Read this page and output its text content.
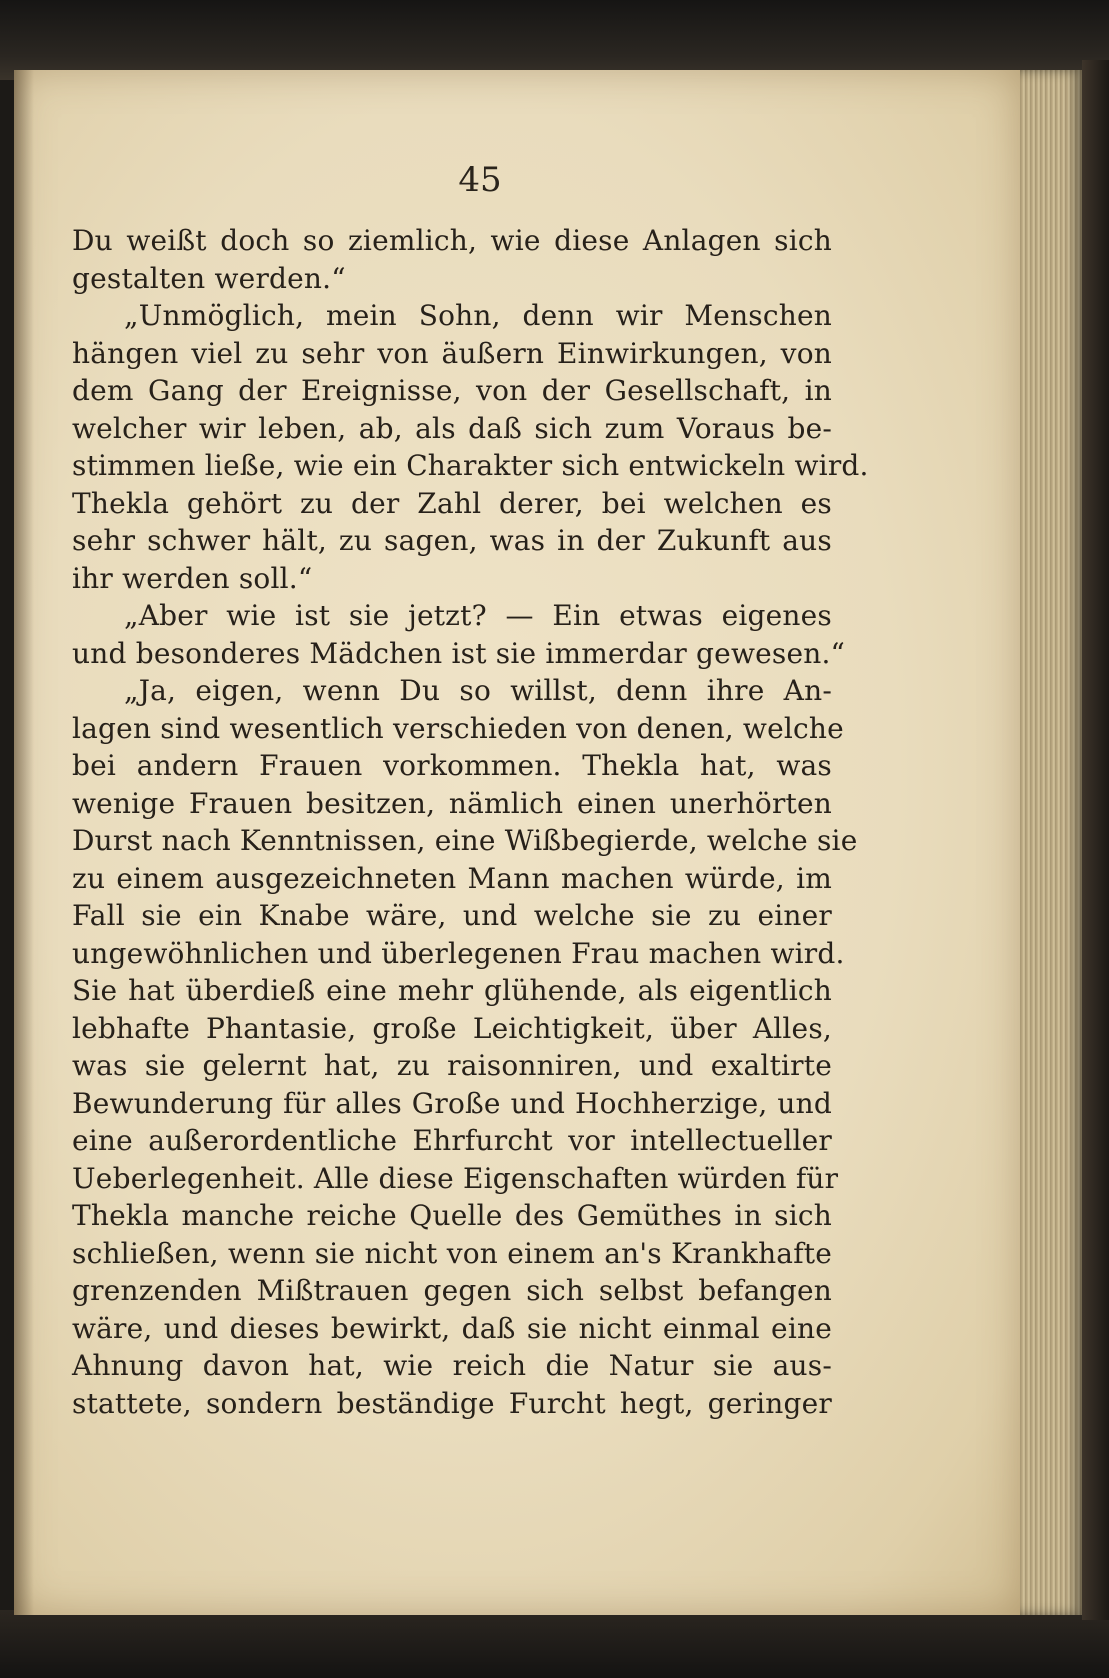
45
Du weißt doch so ziemlich, wie diese Anlagen sich
gestalten werden.“
„Unmöglich, mein Sohn, denn wir Menschen
hängen viel zu sehr von äußern Einwirkungen, von
dem Gang der Ereignisse, von der Gesellschaft, in
welcher wir leben, ab, als daß sich zum Voraus be-
stimmen ließe, wie ein Charakter sich entwickeln wird.
Thekla gehört zu der Zahl derer, bei welchen es
sehr schwer hält, zu sagen, was in der Zukunft aus
ihr werden soll.“
„Aber wie ist sie jetzt? — Ein etwas eigenes
und besonderes Mädchen ist sie immerdar gewesen.“
„Ja, eigen, wenn Du so willst, denn ihre An-
lagen sind wesentlich verschieden von denen, welche
bei andern Frauen vorkommen. Thekla hat, was
wenige Frauen besitzen, nämlich einen unerhörten
Durst nach Kenntnissen, eine Wißbegierde, welche sie
zu einem ausgezeichneten Mann machen würde, im
Fall sie ein Knabe wäre, und welche sie zu einer
ungewöhnlichen und überlegenen Frau machen wird.
Sie hat überdieß eine mehr glühende, als eigentlich
lebhafte Phantasie, große Leichtigkeit, über Alles,
was sie gelernt hat, zu raisonniren, und exaltirte
Bewunderung für alles Große und Hochherzige, und
eine außerordentliche Ehrfurcht vor intellectueller
Ueberlegenheit. Alle diese Eigenschaften würden für
Thekla manche reiche Quelle des Gemüthes in sich
schließen, wenn sie nicht von einem an's Krankhafte
grenzenden Mißtrauen gegen sich selbst befangen
wäre, und dieses bewirkt, daß sie nicht einmal eine
Ahnung davon hat, wie reich die Natur sie aus-
stattete, sondern beständige Furcht hegt, geringer
